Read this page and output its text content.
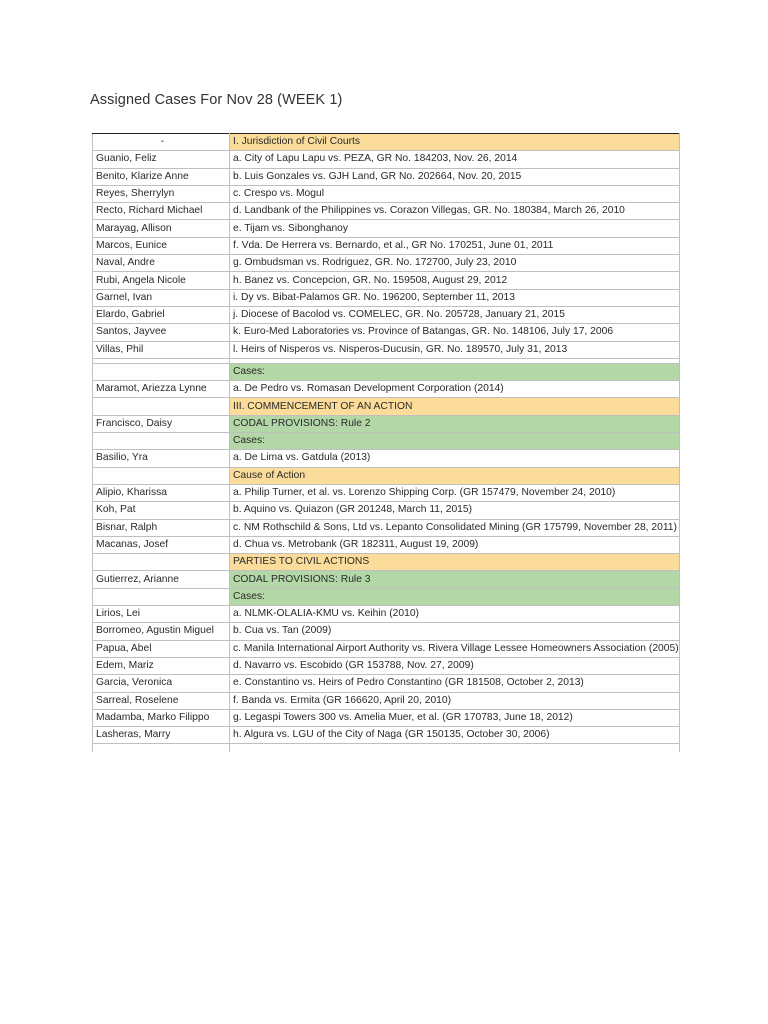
Assigned Cases For Nov 28 (WEEK 1)
-	I. Jurisdiction of Civil Courts
Guanio, Feliz	a. City of Lapu Lapu vs. PEZA, GR No. 184203, Nov. 26, 2014
Benito, Klarize Anne	b. Luis Gonzales vs. GJH Land, GR No. 202664, Nov. 20, 2015
Reyes, Sherrylyn	c. Crespo vs. Mogul
Recto, Richard Michael	d. Landbank of the Philippines vs. Corazon Villegas, GR. No. 180384, March 26, 2010
Marayag, Allison	e. Tijam vs. Sibonghanoy
Marcos, Eunice	f. Vda. De Herrera vs. Bernardo, et al., GR No. 170251, June 01, 2011
Naval, Andre	g. Ombudsman vs. Rodriguez, GR. No. 172700, July 23, 2010
Rubi, Angela Nicole	h. Banez vs. Concepcion, GR. No. 159508, August 29, 2012
Garnel, Ivan	i. Dy vs. Bibat-Palamos GR. No. 196200, September 11, 2013
Elardo, Gabriel	j. Diocese of Bacolod vs. COMELEC, GR. No. 205728, January 21, 2015
Santos, Jayvee	k. Euro-Med Laboratories vs. Province of Batangas, GR. No. 148106, July 17, 2006
Villas, Phil	l. Heirs of Nisperos vs. Nisperos-Ducusin, GR. No. 189570, July 31, 2013

	Cases:
Maramot, Ariezza Lynne	a. De Pedro vs. Romasan Development Corporation (2014)
	III. COMMENCEMENT OF AN ACTION
Francisco, Daisy	CODAL PROVISIONS: Rule 2
	Cases:
Basilio, Yra	a. De Lima vs. Gatdula (2013)
	Cause of Action
Alipio, Kharissa	a. Philip Turner, et al. vs. Lorenzo Shipping Corp. (GR 157479, November 24, 2010)
Koh, Pat	b. Aquino vs. Quiazon (GR 201248, March 11, 2015)
Bisnar, Ralph	c. NM Rothschild & Sons, Ltd vs. Lepanto Consolidated Mining (GR 175799, November 28, 2011)
Macanas, Josef	d. Chua vs. Metrobank (GR 182311, August 19, 2009)
	PARTIES TO CIVIL ACTIONS
Gutierrez, Arianne	CODAL PROVISIONS: Rule 3
	Cases:
Lirios, Lei	a. NLMK-OLALIA-KMU vs. Keihin (2010)
Borromeo, Agustin Miguel	b. Cua vs. Tan (2009)
Papua, Abel	c. Manila International Airport Authority vs. Rivera Village Lessee Homeowners Association (2005)
Edem, Mariz	d. Navarro vs. Escobido (GR 153788, Nov. 27, 2009)
Garcia, Veronica	e. Constantino vs. Heirs of Pedro Constantino (GR 181508, October 2, 2013)
Sarreal, Roselene	f. Banda vs. Ermita (GR 166620, April 20, 2010)
Madamba, Marko Filippo	g. Legaspi Towers 300 vs. Amelia Muer, et al. (GR 170783, June 18, 2012)
Lasheras, Marry	h. Algura vs. LGU of the City of Naga (GR 150135, October 30, 2006)
